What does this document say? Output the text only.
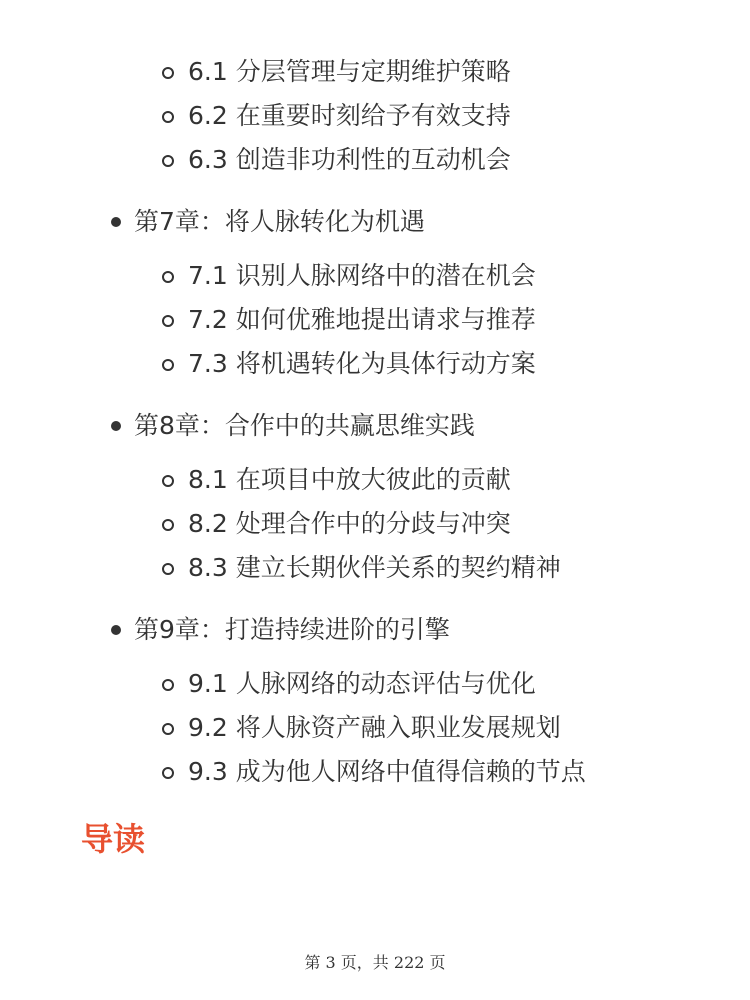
6.1 分层管理与定期维护策略
6.2 在重要时刻给予有效支持
6.3 创造非功利性的互动机会
第7章：将人脉转化为机遇
7.1 识别人脉网络中的潜在机会
7.2 如何优雅地提出请求与推荐
7.3 将机遇转化为具体行动方案
第8章：合作中的共赢思维实践
8.1 在项目中放大彼此的贡献
8.2 处理合作中的分歧与冲突
8.3 建立长期伙伴关系的契约精神
第9章：打造持续进阶的引擎
9.1 人脉网络的动态评估与优化
9.2 将人脉资产融入职业发展规划
9.3 成为他人网络中值得信赖的节点
导读
第 3 页，共 222 页
